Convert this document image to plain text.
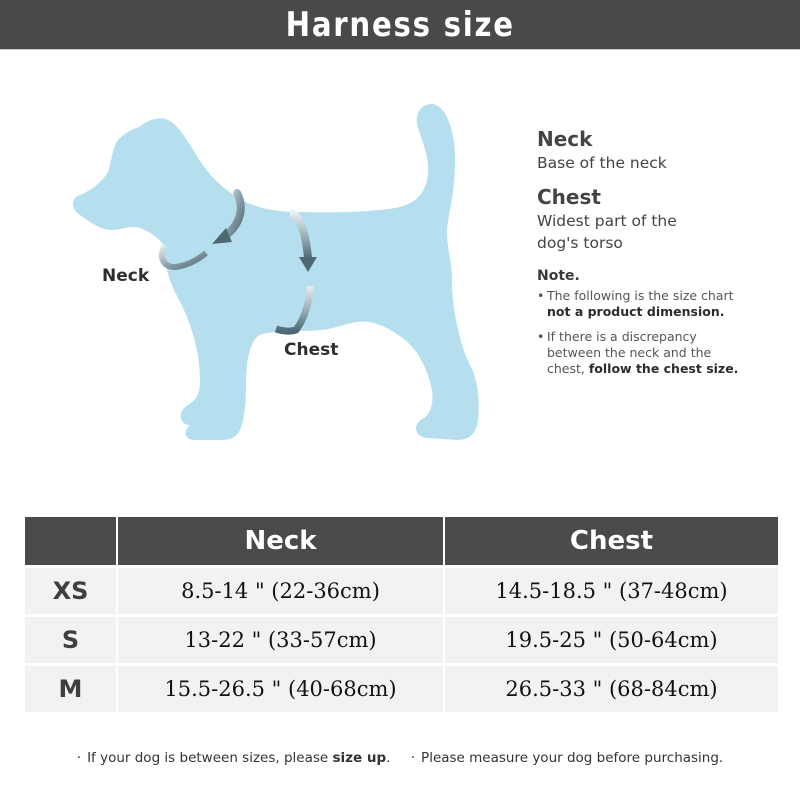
Harness size
Neck
Chest
Neck

Base of the neck

Chest

Widest part of the

dog's torso

Note.
• The following is the size chart not a product dimension.
• If there is a discrepancy between the neck and the chest, follow the chest size.
	Neck	Chest
XS	8.5-14 " (22-36cm)	14.5-18.5 " (37-48cm)
S	13-22 " (33-57cm)	19.5-25 " (50-64cm)
M	15.5-26.5 " (40-68cm)	26.5-33 " (68-84cm)
· If your dog is between sizes, please size up. · Please measure your dog before purchasing.
